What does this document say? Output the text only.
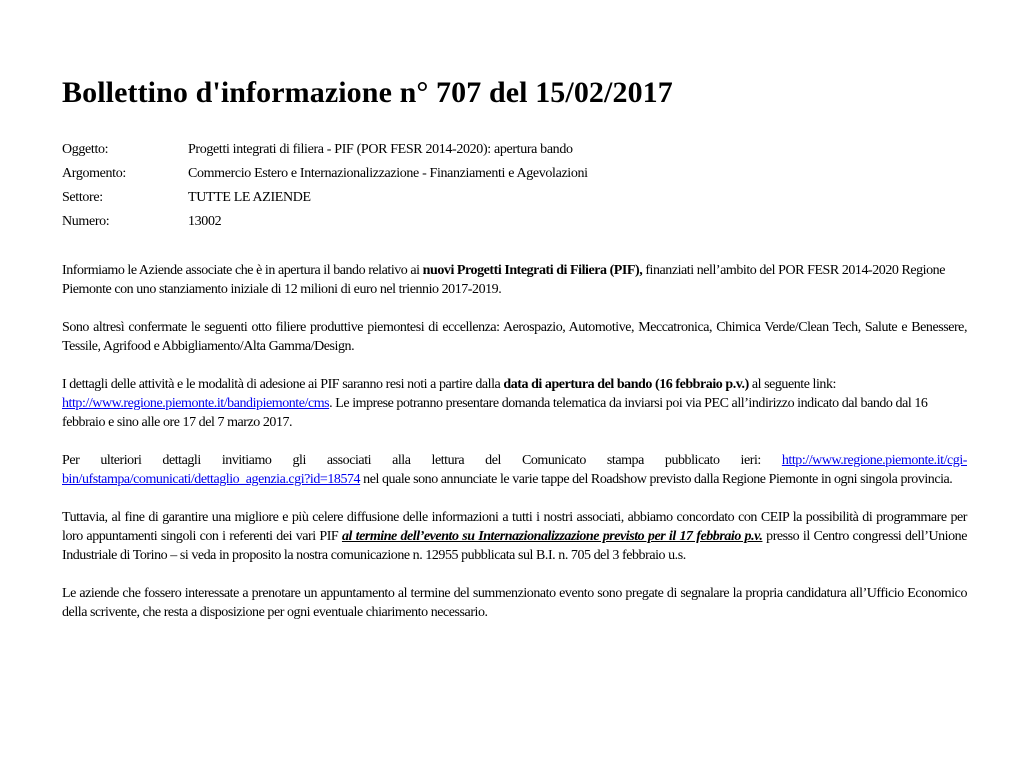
Bollettino d'informazione n° 707 del 15/02/2017
Oggetto:	Progetti integrati di filiera - PIF (POR FESR 2014-2020): apertura bando
Argomento:	Commercio Estero e Internazionalizzazione - Finanziamenti e Agevolazioni
Settore:	TUTTE LE AZIENDE
Numero:	13002

Informiamo le Aziende associate che è in apertura il bando relativo ai nuovi Progetti Integrati di Filiera (PIF), finanziati nell’ambito del POR FESR 2014-2020 Regione Piemonte con uno stanziamento iniziale di 12 milioni di euro nel triennio 2017-2019.

Sono altresì confermate le seguenti otto filiere produttive piemontesi di eccellenza: Aerospazio, Automotive, Meccatronica, Chimica Verde/Clean Tech, Salute e Benessere, Tessile, Agrifood e Abbigliamento/Alta Gamma/Design.

I dettagli delle attività e le modalità di adesione ai PIF saranno resi noti a partire dalla data di apertura del bando (16 febbraio p.v.) al seguente link: http://www.regione.piemonte.it/bandipiemonte/cms. Le imprese potranno presentare domanda telematica da inviarsi poi via PEC all’indirizzo indicato dal bando dal 16 febbraio e sino alle ore 17 del 7 marzo 2017.

Per ulteriori dettagli invitiamo gli associati alla lettura del Comunicato stampa pubblicato ieri: http://www.regione.piemonte.it/cgi-bin/ufstampa/comunicati/dettaglio_agenzia.cgi?id=18574 nel quale sono annunciate le varie tappe del Roadshow previsto dalla Regione Piemonte in ogni singola provincia.

Tuttavia, al fine di garantire una migliore e più celere diffusione delle informazioni a tutti i nostri associati, abbiamo concordato con CEIP la possibilità di programmare per loro appuntamenti singoli con i referenti dei vari PIF al termine dell’evento su Internazionalizzazione previsto per il 17 febbraio p.v. presso il Centro congressi dell’Unione Industriale di Torino – si veda in proposito la nostra comunicazione n. 12955 pubblicata sul B.I. n. 705 del 3 febbraio u.s.

Le aziende che fossero interessate a prenotare un appuntamento al termine del summenzionato evento sono pregate di segnalare la propria candidatura all’Ufficio Economico della scrivente, che resta a disposizione per ogni eventuale chiarimento necessario.
